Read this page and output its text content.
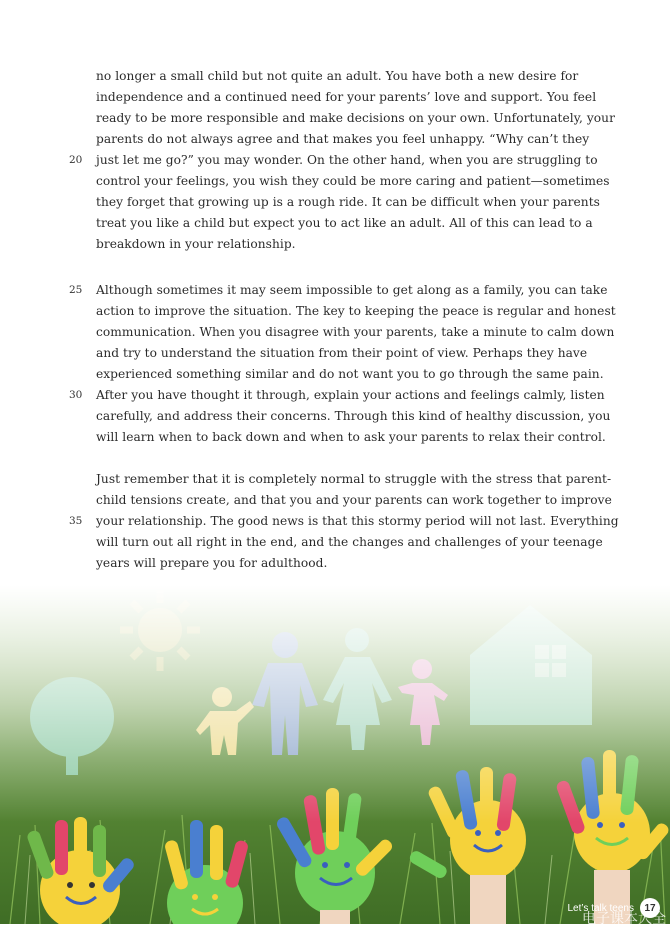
no longer a small child but not quite an adult. You have both a new desire for
independence and a continued need for your parents’ love and support. You feel
ready to be more responsible and make decisions on your own. Unfortunately, your
parents do not always agree and that makes you feel unhappy. “Why can’t they
20 just let me go?” you may wonder. On the other hand, when you are struggling to
control your feelings, you wish they could be more caring and patient—sometimes
they forget that growing up is a rough ride. It can be difficult when your parents
treat you like a child but expect you to act like an adult. All of this can lead to a
breakdown in your relationship.
25 Although sometimes it may seem impossible to get along as a family, you can take
action to improve the situation. The key to keeping the peace is regular and honest
communication. When you disagree with your parents, take a minute to calm down
and try to understand the situation from their point of view. Perhaps they have
experienced something similar and do not want you to go through the same pain.
30 After you have thought it through, explain your actions and feelings calmly, listen
carefully, and address their concerns. Through this kind of healthy discussion, you
will learn when to back down and when to ask your parents to relax their control.
Just remember that it is completely normal to struggle with the stress that parent-
child tensions create, and that you and your parents can work together to improve
35 your relationship. The good news is that this stormy period will not last. Everything
will turn out all right in the end, and the changes and challenges of your teenage
years will prepare you for adulthood.
Let’s talk teens	17
电子课本大全
